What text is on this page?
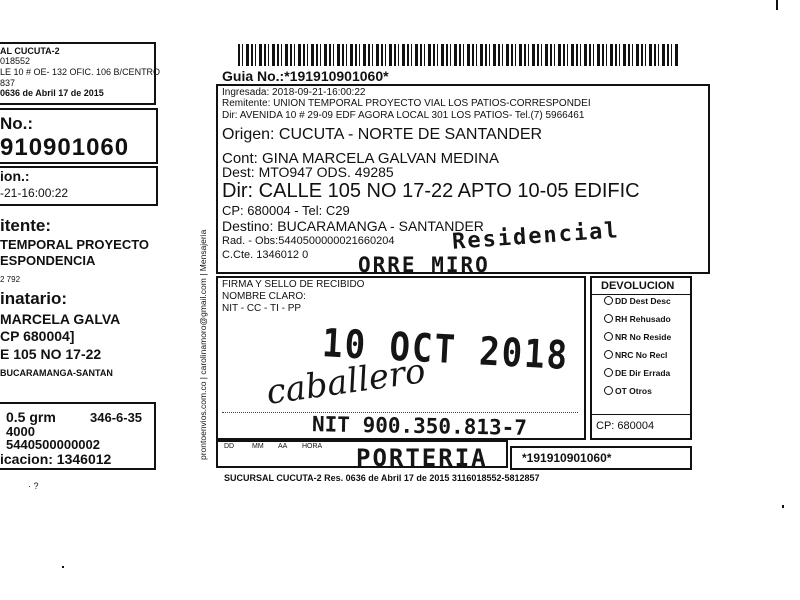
AL CUCUTA-2
018552
LE 10 # OE- 132 OFIC. 106 B/CENTRO
837
0636 de Abril 17 de 2015
No.:
910901060
ion.:
-21-16:00:22
itente:
TEMPORAL PROYECTO
ESPONDENCIA
2 792
inatario:
MARCELA GALVA
CP 680004]
E 105 NO 17-22
BUCARAMANGA-SANTAN
0.5 grm	346-6-35
4000
5440500000002
icacion: 1346012
· ?
prontoenvios.com.co | carolinamoro@gmail.com | Mensajeria
Guia No.:*191910901060*
Ingresada: 2018-09-21-16:00:22
Remitente: UNION TEMPORAL PROYECTO VIAL LOS PATIOS-CORRESPONDEI
Dir: AVENIDA 10 # 29-09 EDF AGORA LOCAL 301 LOS PATIOS- Tel.(7) 5966461
Origen: CUCUTA - NORTE DE SANTANDER
Cont: GINA MARCELA GALVAN MEDINA
Dest: MTO947 ODS. 49285
Dir: CALLE 105 NO 17-22 APTO 10-05 EDIFIC
CP: 680004 - Tel: C29
Destino: BUCARAMANGA - SANTANDER
Rad. - Obs:5440500000021660204
C.Cte. 1346012 0
Residencial
ORRE MIRO
FIRMA Y SELLO DE RECIBIDO
NOMBRE CLARO:
NIT - CC - TI - PP
10 OCT 2018
caballero
NIT 900.350.813-7
DD	MM AA HORA PORTERIA	*191910901060*
SUCURSAL CUCUTA-2 Res. 0636 de Abril 17 de 2015 3116018552-5812857
DEVOLUCION
DD Dest Desc
RH Rehusado
NR No Reside
NRC No Recl
DE Dir Errada
OT Otros
CP: 680004
